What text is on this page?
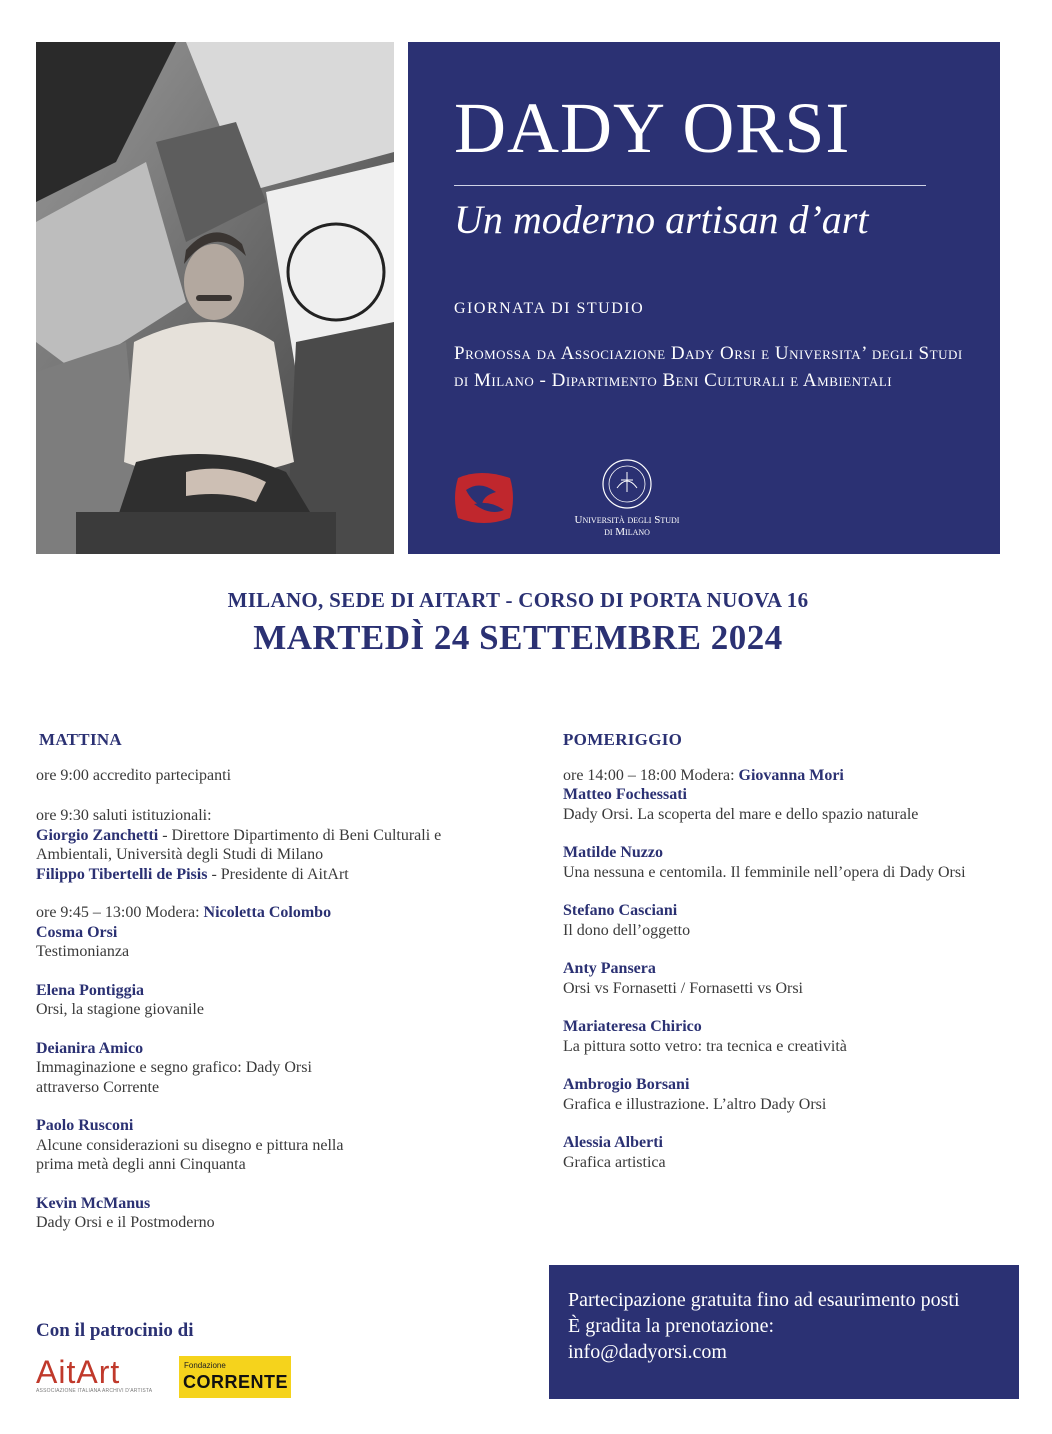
DADY ORSI
Un moderno artisan d’art
GIORNATA DI STUDIO
Promossa da Associazione Dady Orsi e Universita’ degli Studi di Milano - Dipartimento Beni Culturali e Ambientali
Università degli Studi
di Milano
MILANO, SEDE DI AITART - CORSO DI PORTA NUOVA 16
MARTEDÌ 24 SETTEMBRE 2024
MATTINA

ore 9:00 accredito partecipanti

ore 9:30 saluti istituzionali:

Giorgio Zanchetti - Direttore Dipartimento di Beni Culturali e Ambientali, Università degli Studi di Milano

Filippo Tibertelli de Pisis - Presidente di AitArt

ore 9:45 – 13:00 Modera: Nicoletta Colombo

Cosma Orsi

Testimonianza

Elena Pontiggia

Orsi, la stagione giovanile

Deianira Amico

Immaginazione e segno grafico: Dady Orsi attraverso Corrente

Paolo Rusconi

Alcune considerazioni su disegno e pittura nella prima metà degli anni Cinquanta

Kevin McManus

Dady Orsi e il Postmoderno

POMERIGGIO

ore 14:00 – 18:00 Modera: Giovanna Mori

Matteo Fochessati

Dady Orsi. La scoperta del mare e dello spazio naturale

Matilde Nuzzo

Una nessuna e centomila. Il femminile nell’opera di Dady Orsi

Stefano Casciani

Il dono dell’oggetto

Anty Pansera

Orsi vs Fornasetti / Fornasetti vs Orsi

Mariateresa Chirico

La pittura sotto vetro: tra tecnica e creatività

Ambrogio Borsani

Grafica e illustrazione. L’altro Dady Orsi

Alessia Alberti

Grafica artistica

Con il patrocinio di
AitArt
ASSOCIAZIONE ITALIANA ARCHIVI D'ARTISTA
Fondazione
CORRENTE

Partecipazione gratuita fino ad esaurimento posti

È gradita la prenotazione:

info@dadyorsi.com
